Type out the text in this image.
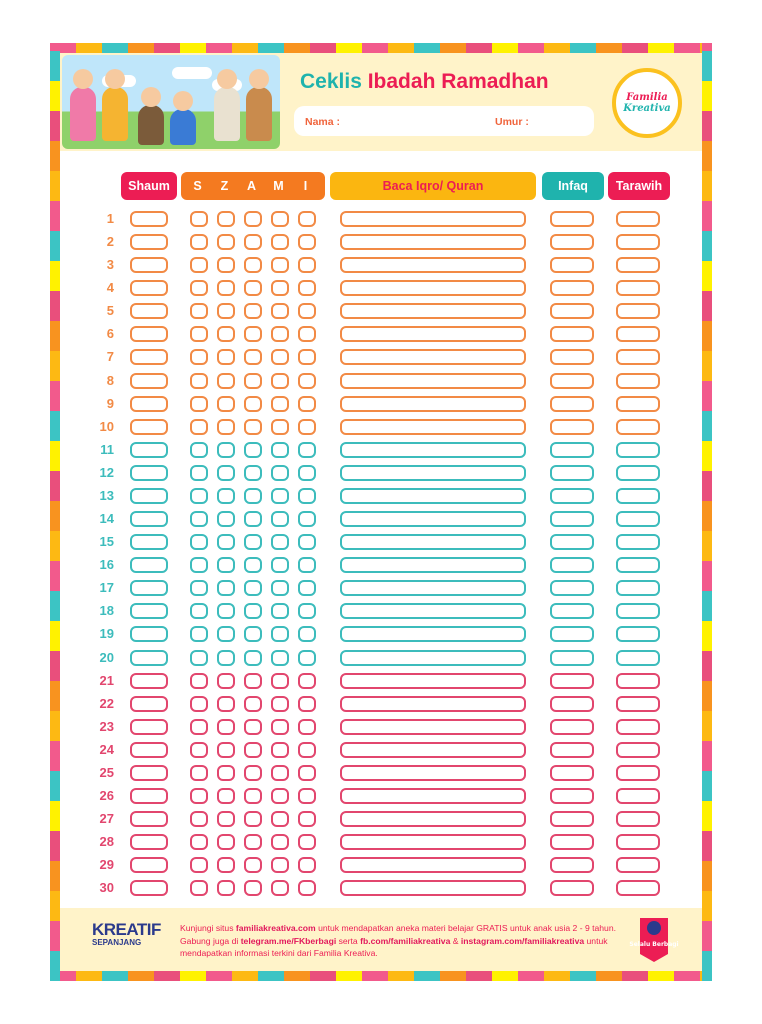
Ceklis Ibadah Ramadhan
Nama :	Umur :
Familia
Kreativa
Shaum	S	Z	A	M	I	Baca Iqro/ Quran	Infaq	Tarawih
1
2
3
4
5
6
7
8
9
10
11
12
13
14
15
16
17
18
19
20
21
22
23
24
25
26
27
28
29
30
KREATIF
SEPANJANG
Kunjungi situs familiakreativa.com untuk mendapatkan aneka materi belajar GRATIS untuk anak usia 2 - 9 tahun. Gabung juga di telegram.me/FKberbagi serta fb.com/familiakreativa & instagram.com/familiakreativa untuk mendapatkan informasi terkini dari Familia Kreativa.
Selalu Berbagi
